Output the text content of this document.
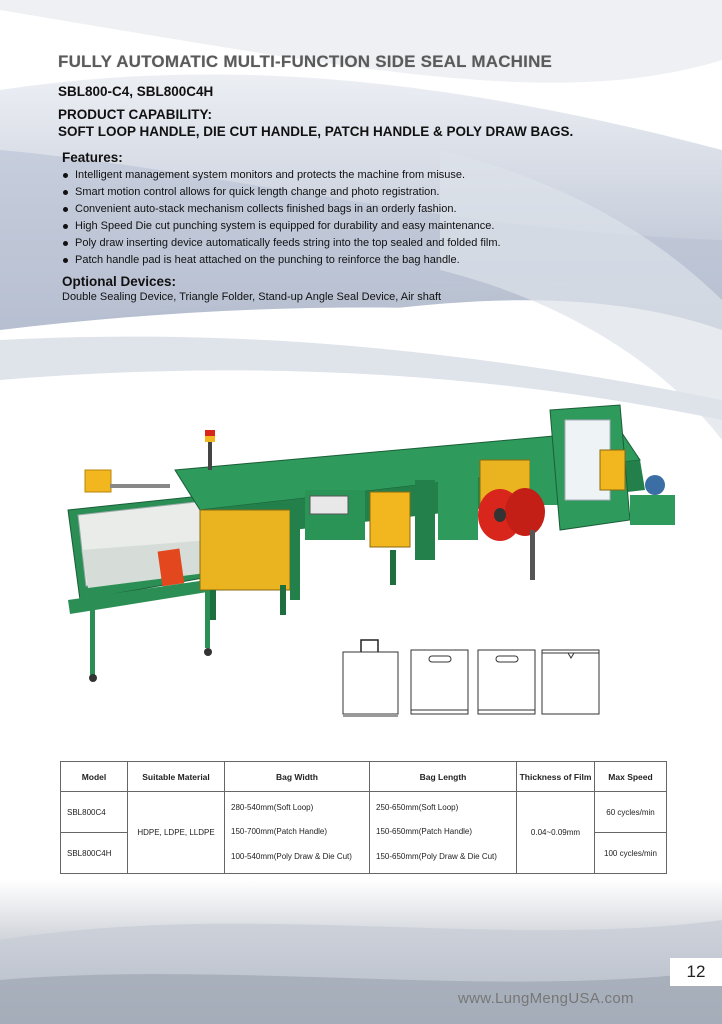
FULLY AUTOMATIC MULTI-FUNCTION SIDE SEAL MACHINE
SBL800-C4, SBL800C4H
PRODUCT CAPABILITY:
SOFT LOOP HANDLE, DIE CUT HANDLE, PATCH HANDLE & POLY DRAW BAGS.
Features:
Intelligent management system monitors and protects the machine from misuse.
Smart motion control allows for quick length change and photo registration.
Convenient auto-stack mechanism collects finished bags in an orderly fashion.
High Speed Die cut punching system is equipped for durability and easy maintenance.
Poly draw inserting device automatically feeds string into the top sealed and folded film.
Patch handle pad is heat attached on the punching to reinforce the bag handle.
Optional Devices:
Double Sealing Device, Triangle Folder, Stand-up Angle Seal Device, Air shaft
Model	Suitable Material	Bag Width	Bag Length	Thickness of Film	Max Speed
SBL800C4	HDPE, LDPE, LLDPE	280-540mm(Soft Loop)
150-700mm(Patch Handle)
100-540mm(Poly Draw & Die Cut)	250-650mm(Soft Loop)
150-650mm(Patch Handle)
150-650mm(Poly Draw & Die Cut)	0.04~0.09mm	60 cycles/min
SBL800C4H					100 cycles/min
12
www.LungMengUSA.com
